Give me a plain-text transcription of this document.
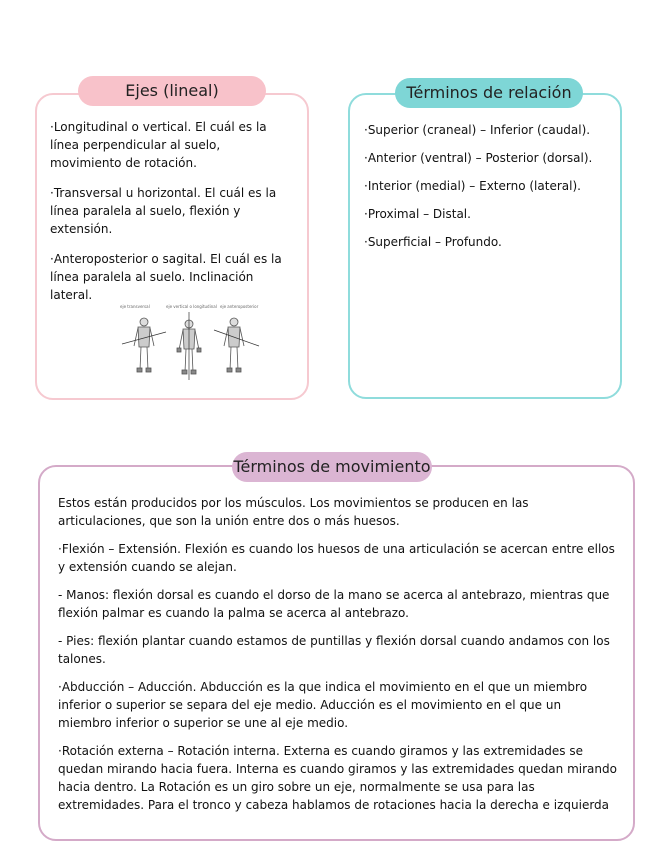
Ejes (lineal)

·Longitudinal o vertical. El cuál es la línea perpendicular al suelo, movimiento de rotación.

·Transversal u horizontal. El cuál es la línea paralela al suelo, flexión y extensión.

·Anteroposterior o sagital. El cuál es la línea paralela al suelo. Inclinación lateral.

eje transversal	eje vertical o longitudinal eje anteroposterior
Términos de relación

·Superior (craneal) – Inferior (caudal).

·Anterior (ventral) – Posterior (dorsal).

·Interior (medial) – Externo (lateral).

·Proximal – Distal.

·Superficial – Profundo.

Términos de movimiento

Estos están producidos por los músculos. Los movimientos se producen en las articulaciones, que son la unión entre dos o más huesos.

·Flexión – Extensión. Flexión es cuando los huesos de una articulación se acercan entre ellos y extensión cuando se alejan.

- Manos: flexión dorsal es cuando el dorso de la mano se acerca al antebrazo, mientras que flexión palmar es cuando la palma se acerca al antebrazo.

- Pies: flexión plantar cuando estamos de puntillas y flexión dorsal cuando andamos con los talones.

·Abducción – Aducción. Abducción es la que indica el movimiento en el que un miembro inferior o superior se separa del eje medio. Aducción es el movimiento en el que un miembro inferior o superior se une al eje medio.

·Rotación externa – Rotación interna. Externa es cuando giramos y las extremidades se quedan mirando hacia fuera. Interna es cuando giramos y las extremidades quedan mirando hacia dentro. La Rotación es un giro sobre un eje, normalmente se usa para las extremidades. Para el tronco y cabeza hablamos de rotaciones hacia la derecha e izquierda
